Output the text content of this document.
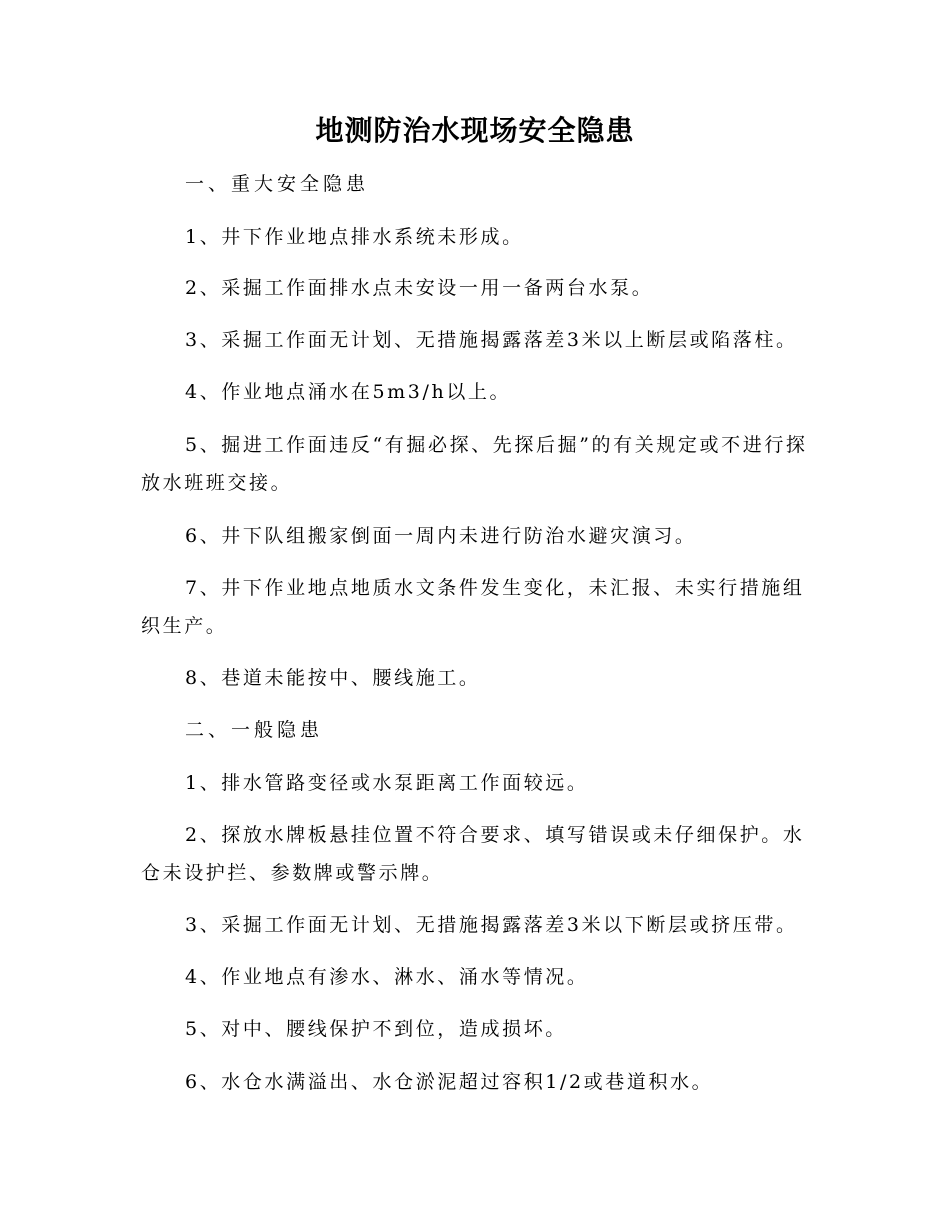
地测防治水现场安全隐患

一、重大安全隐患

1、井下作业地点排水系统未形成。

2、采掘工作面排水点未安设一用一备两台水泵。

3、采掘工作面无计划、无措施揭露落差3米以上断层或陷落柱。

4、作业地点涌水在5m3/h以上。

5、掘进工作面违反“有掘必探、先探后掘”的有关规定或不进行探放水班班交接。

6、井下队组搬家倒面一周内未进行防治水避灾演习。

7、井下作业地点地质水文条件发生变化，未汇报、未实行措施组织生产。

8、巷道未能按中、腰线施工。

二、一般隐患

1、排水管路变径或水泵距离工作面较远。

2、探放水牌板悬挂位置不符合要求、填写错误或未仔细保护。水仓未设护拦、参数牌或警示牌。

3、采掘工作面无计划、无措施揭露落差3米以下断层或挤压带。

4、作业地点有渗水、淋水、涌水等情况。

5、对中、腰线保护不到位，造成损坏。

6、水仓水满溢出、水仓淤泥超过容积1/2或巷道积水。
